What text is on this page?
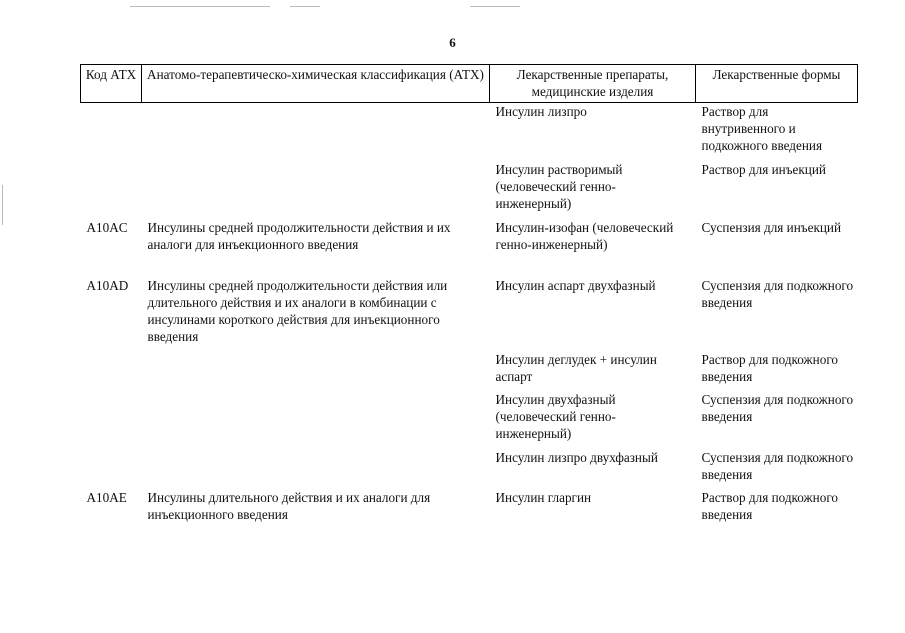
6
Код АТХ	Анатомо-терапевтическо-химическая классификация (АТХ)	Лекарственные препараты, медицинские изделия	Лекарственные формы
		Инсулин лизпро	Раствор для внутривенного и подкожного введения
		Инсулин растворимый (человеческий генно-инженерный)	Раствор для инъекций
A10AC	Инсулины средней продолжительности действия и их аналоги для инъекционного введения	Инсулин-изофан (человеческий генно-инженерный)	Суспензия для инъекций
A10AD	Инсулины средней продолжительности действия или длительного действия и их аналоги в комбинации с инсулинами короткого действия для инъекционного введения	Инсулин аспарт двухфазный	Суспензия для подкожного введения
		Инсулин деглудек + инсулин аспарт	Раствор для подкожного введения
		Инсулин двухфазный (человеческий генно-инженерный)	Суспензия для подкожного введения
		Инсулин лизпро двухфазный	Суспензия для подкожного введения
A10AE	Инсулины длительного действия и их аналоги для инъекционного введения	Инсулин гларгин	Раствор для подкожного введения
